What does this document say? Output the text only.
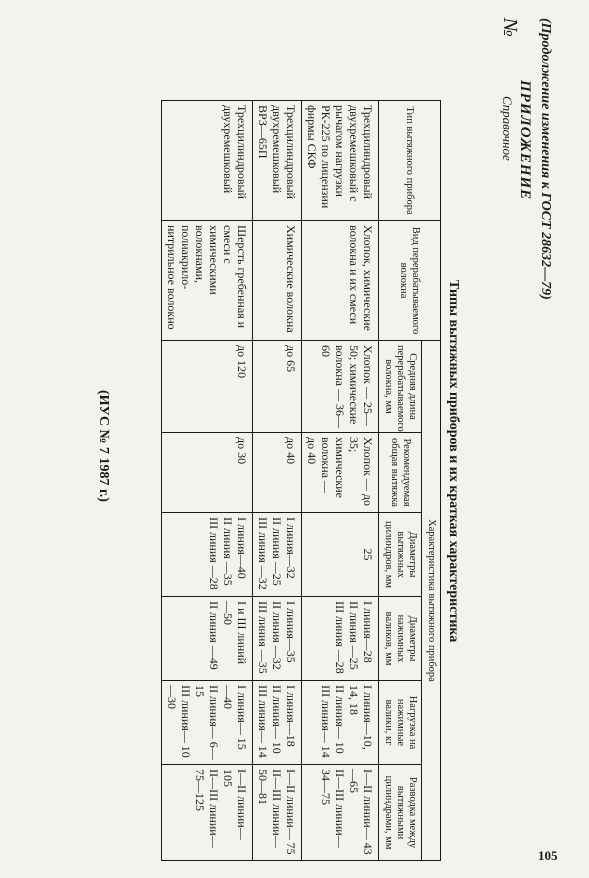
(Продолжение изменения к ГОСТ 28632—79)
№
ПРИЛОЖЕНИЕ
Справочное
Типы вытяжных приборов и их краткая характеристика
Тип вытяжного прибора	Вид перерабатываемого волокна	Характеристика вытяжного прибора					
		Средняя длина перерабатываемого волокна, мм	Рекомендуемая общая вытяжка	Диаметры вытяжных цилиндров, мм	Диаметры нажимных валиков, мм	Нагрузка на нажимные валики, кг	Разводка между вытяжными цилиндрами, мм
Трехцилиндровый двухремешковый с рычагом нагрузки РК-225 по лицензии фирмы СКФ	Хлопок, химические волокна и их смеси	Хлопок — 25—50; химические волокна — 36—60	Хлопок — до 35; химические волокна — до 40	25	I линия—28
II линия —25
III линия —28	I линия—10, 14, 18
II линия— 10
III линия— 14	I—II линии— 43—65
II—III линии— 34—75
Трехцилиндровый двухремешковый ВРЗ—65П	Химические волокна	до 65	до 40	I линия—32
II линия —25
III линия —32	I линия—35
II линия —32
III линия —35	I линия—18
II линия— 10
III линия— 14	I—II линии— 75
II—III линии— 50—81
Трехцилиндровый двухремешковый	Шерсть гребенная и смеси с химическими волокнами, полиакрило-нитрильное волокно	до 120	до 30	I линия—40
II линия —35
III линия —28	I и III линий—50
II линия —49	I линия— 15—40
II линия— 6—15
III линия— 10—30	I—II линии— 105
II—III линии— 75—125
(ИУС № 7 1987 г.)
105
